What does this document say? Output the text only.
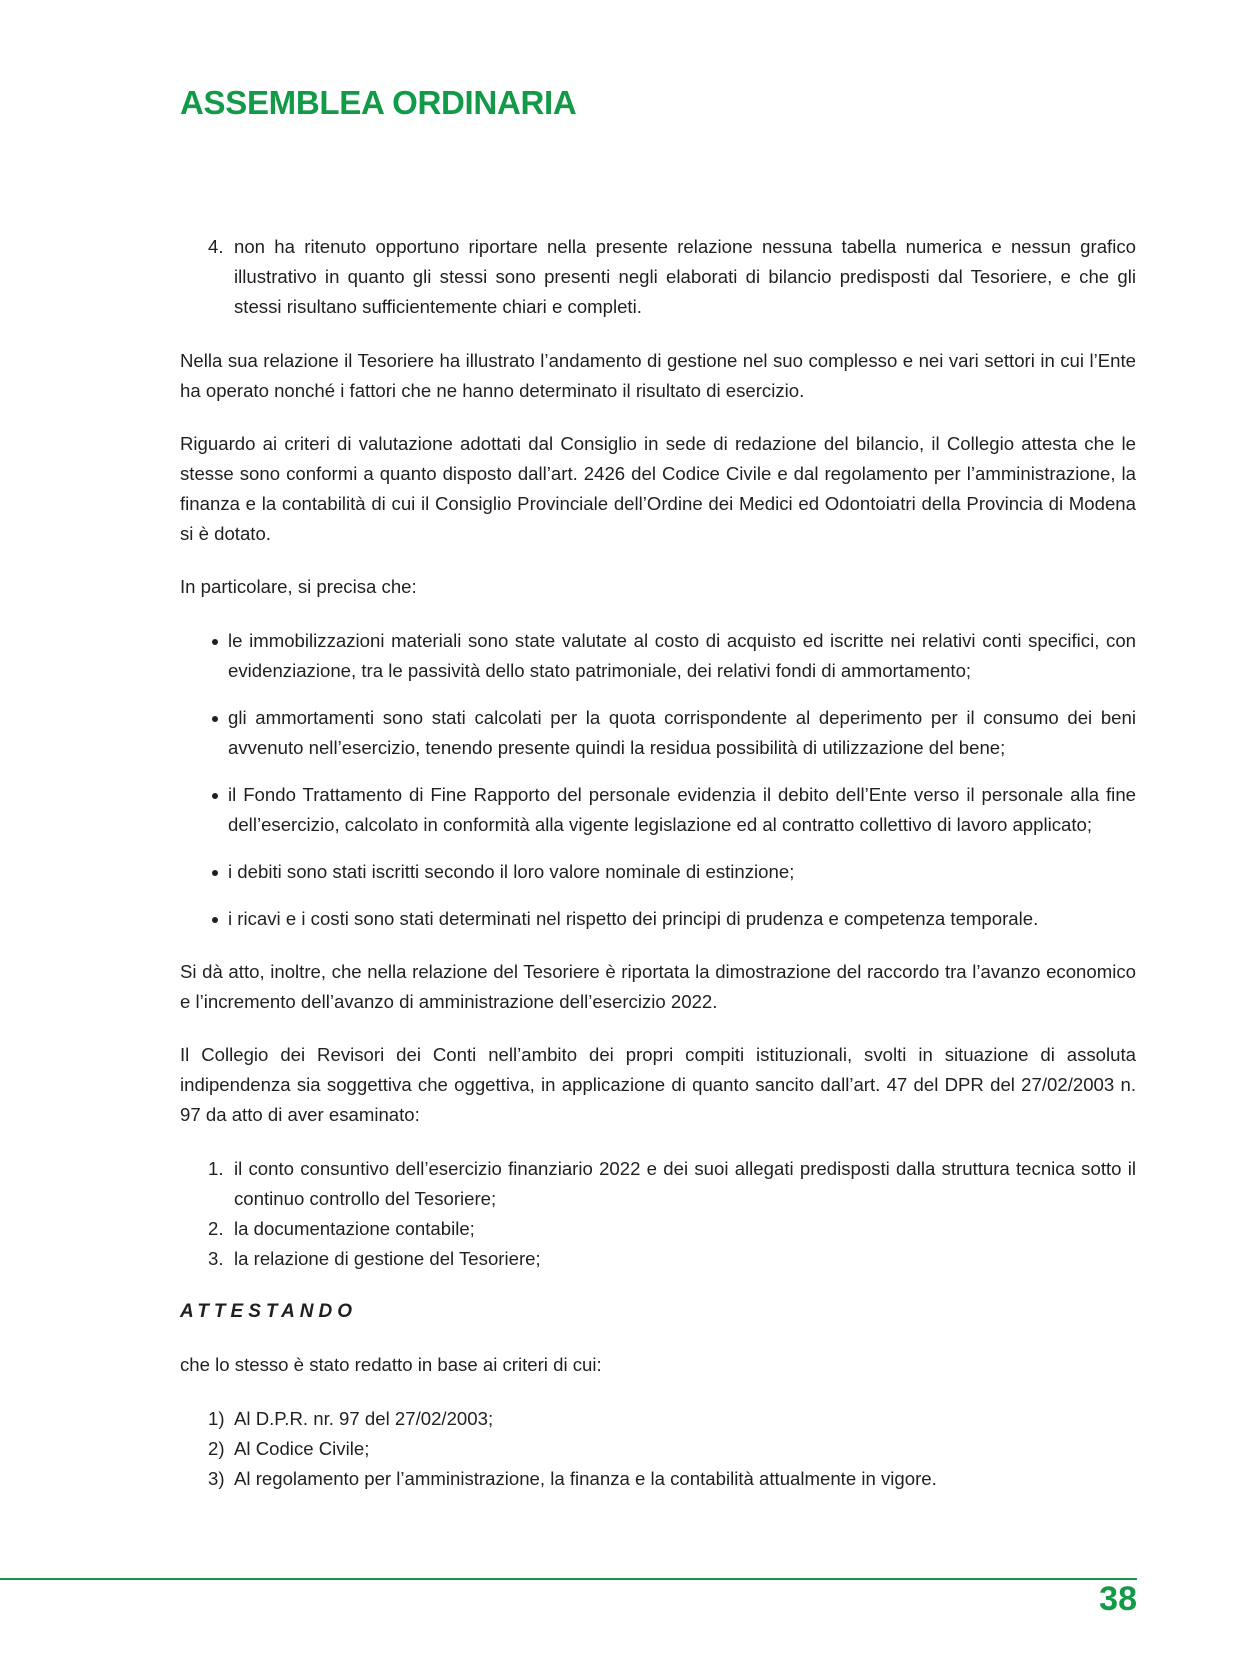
ASSEMBLEA ORDINARIA
4. non ha ritenuto opportuno riportare nella presente relazione nessuna tabella numerica e nessun grafico illustrativo in quanto gli stessi sono presenti negli elaborati di bilancio predisposti dal Tesoriere, e che gli stessi risultano sufficientemente chiari e completi.

Nella sua relazione il Tesoriere ha illustrato l’andamento di gestione nel suo complesso e nei vari settori in cui l’Ente ha operato nonché i fattori che ne hanno determinato il risultato di esercizio.

Riguardo ai criteri di valutazione adottati dal Consiglio in sede di redazione del bilancio, il Collegio attesta che le stesse sono conformi a quanto disposto dall’art. 2426 del Codice Civile e dal regolamento per l’amministrazione, la finanza e la contabilità di cui il Consiglio Provinciale dell’Ordine dei Medici ed Odontoiatri della Provincia di Modena si è dotato.

In particolare, si precisa che:

le immobilizzazioni materiali sono state valutate al costo di acquisto ed iscritte nei relativi conti specifici, con evidenziazione, tra le passività dello stato patrimoniale, dei relativi fondi di ammortamento;
gli ammortamenti sono stati calcolati per la quota corrispondente al deperimento per il consumo dei beni avvenuto nell’esercizio, tenendo presente quindi la residua possibilità di utilizzazione del bene;
il Fondo Trattamento di Fine Rapporto del personale evidenzia il debito dell’Ente verso il personale alla fine dell’esercizio, calcolato in conformità alla vigente legislazione ed al contratto collettivo di lavoro applicato;
i debiti sono stati iscritti secondo il loro valore nominale di estinzione;
i ricavi e i costi sono stati determinati nel rispetto dei principi di prudenza e competenza temporale.

Si dà atto, inoltre, che nella relazione del Tesoriere è riportata la dimostrazione del raccordo tra l’avanzo economico e l’incremento dell’avanzo di amministrazione dell’esercizio 2022.

Il Collegio dei Revisori dei Conti nell’ambito dei propri compiti istituzionali, svolti in situazione di assoluta indipendenza sia soggettiva che oggettiva, in applicazione di quanto sancito dall’art. 47 del DPR del 27/02/2003 n. 97 da atto di aver esaminato:

1. il conto consuntivo dell’esercizio finanziario 2022 e dei suoi allegati predisposti dalla struttura tecnica sotto il continuo controllo del Tesoriere;
2. la documentazione contabile;
3. la relazione di gestione del Tesoriere;

ATTESTANDO

che lo stesso è stato redatto in base ai criteri di cui:

1) Al D.P.R. nr. 97 del 27/02/2003;
2) Al Codice Civile;
3) Al regolamento per l’amministrazione, la finanza e la contabilità attualmente in vigore.
38
